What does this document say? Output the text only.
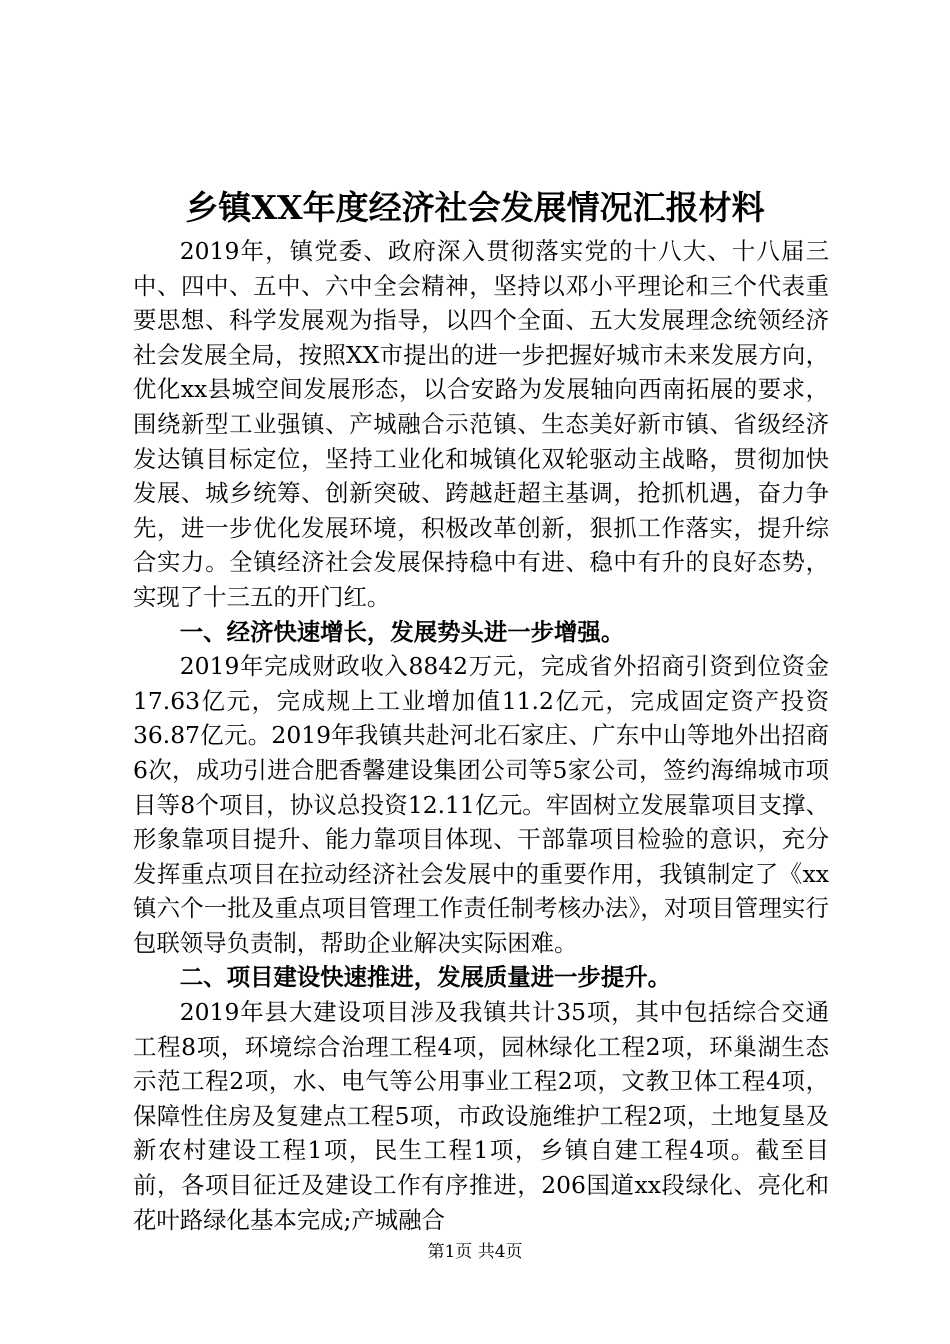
乡镇XX年度经济社会发展情况汇报材料

2019年，镇党委、政府深入贯彻落实党的十八大、十八届三中、四中、五中、六中全会精神，坚持以邓小平理论和三个代表重要思想、科学发展观为指导，以四个全面、五大发展理念统领经济社会发展全局，按照XX市提出的进一步把握好城市未来发展方向，优化xx县城空间发展形态，以合安路为发展轴向西南拓展的要求，围绕新型工业强镇、产城融合示范镇、生态美好新市镇、省级经济发达镇目标定位，坚持工业化和城镇化双轮驱动主战略，贯彻加快发展、城乡统筹、创新突破、跨越赶超主基调，抢抓机遇，奋力争先，进一步优化发展环境，积极改革创新，狠抓工作落实，提升综合实力。全镇经济社会发展保持稳中有进、稳中有升的良好态势，实现了十三五的开门红。

一、经济快速增长，发展势头进一步增强。

2019年完成财政收入8842万元，完成省外招商引资到位资金17.63亿元，完成规上工业增加值11.2亿元，完成固定资产投资36.87亿元。2019年我镇共赴河北石家庄、广东中山等地外出招商6次，成功引进合肥香馨建设集团公司等5家公司，签约海绵城市项目等8个项目，协议总投资12.11亿元。牢固树立发展靠项目支撑、形象靠项目提升、能力靠项目体现、干部靠项目检验的意识，充分发挥重点项目在拉动经济社会发展中的重要作用，我镇制定了《xx镇六个一批及重点项目管理工作责任制考核办法》，对项目管理实行包联领导负责制，帮助企业解决实际困难。

二、项目建设快速推进，发展质量进一步提升。

2019年县大建设项目涉及我镇共计35项，其中包括综合交通工程8项，环境综合治理工程4项，园林绿化工程2项，环巢湖生态示范工程2项，水、电气等公用事业工程2项，文教卫体工程4项，保障性住房及复建点工程5项，市政设施维护工程2项，土地复垦及新农村建设工程1项，民生工程1项，乡镇自建工程4项。截至目前，各项目征迁及建设工作有序推进，206国道xx段绿化、亮化和花叶路绿化基本完成;产城融合

第1页 共4页
